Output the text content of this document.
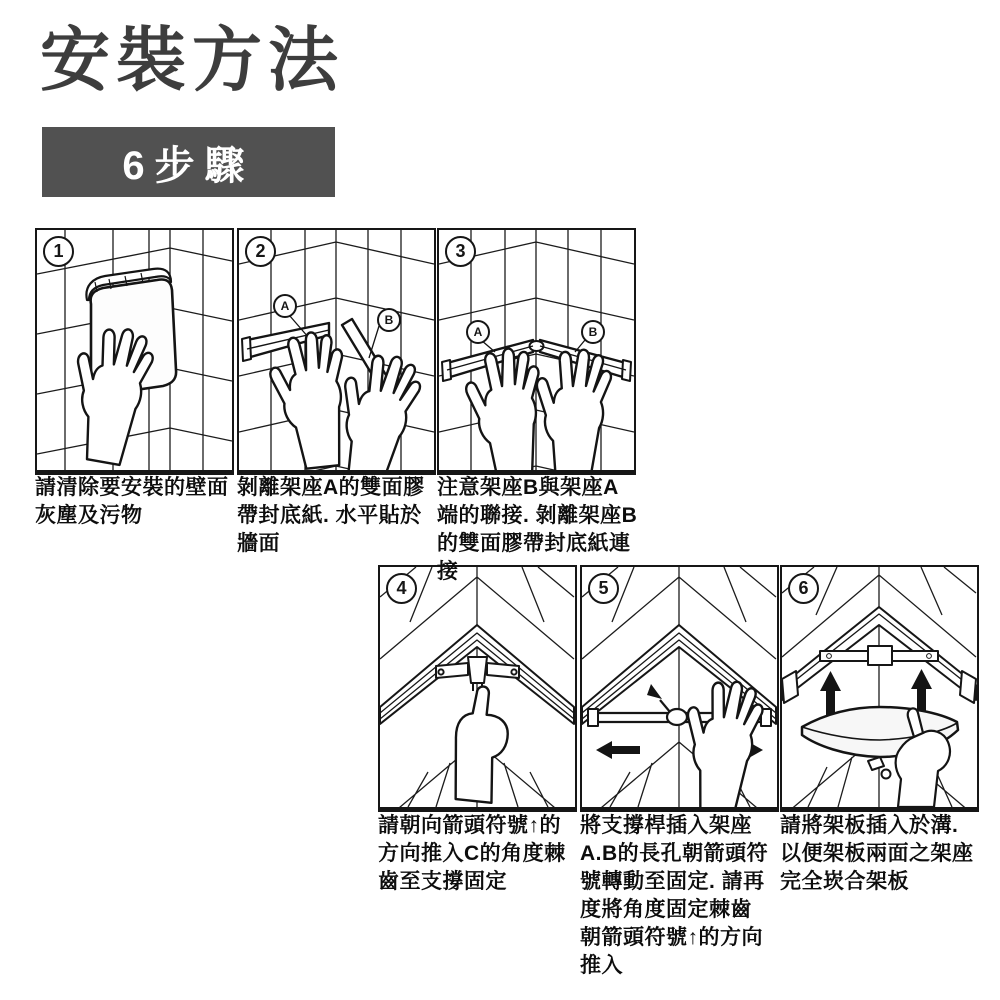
安裝方法
6步驟
1	2
A
B
3
A	B
4	5	6
請清除要安裝的壁面灰塵及污物
剝離架座A的雙面膠帶封底紙. 水平貼於牆面
注意架座B與架座A端的聯接. 剝離架座B的雙面膠帶封底紙連接
請朝向箭頭符號↑的方向推入C的角度棘齒至支撐固定
將支撐桿插入架座A.B的長孔朝箭頭符號轉動至固定. 請再度將角度固定棘齒朝箭頭符號↑的方向推入
請將架板插入於溝. 以便架板兩面之架座完全崁合架板
